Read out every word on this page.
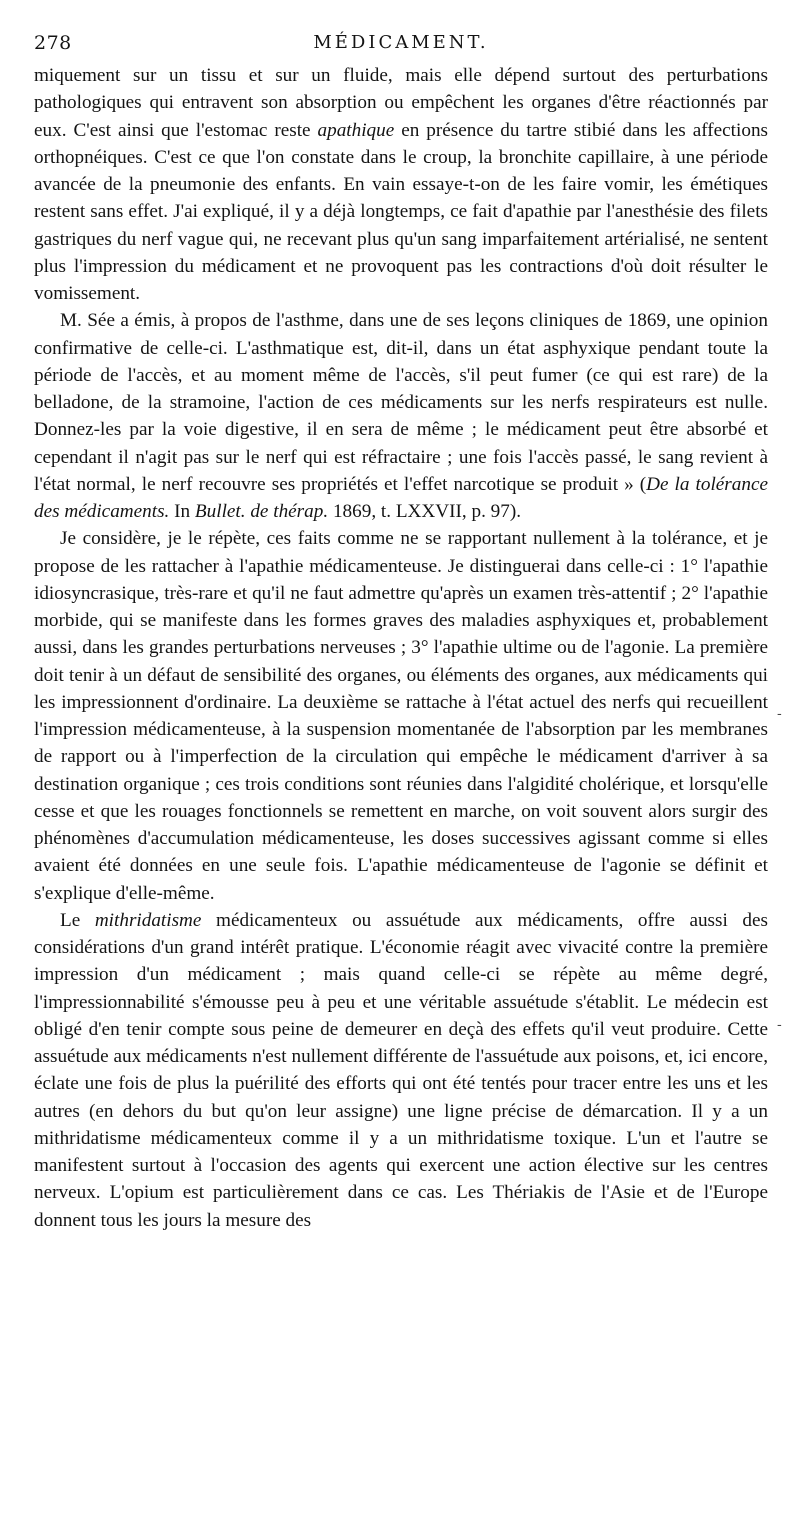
278	MÉDICAMENT.

miquement sur un tissu et sur un fluide, mais elle dépend surtout des perturbations pathologiques qui entravent son absorption ou empêchent les organes d'être réactionnés par eux. C'est ainsi que l'estomac reste apathique en présence du tartre stibié dans les affections orthopnéiques. C'est ce que l'on constate dans le croup, la bronchite capillaire, à une période avancée de la pneumonie des enfants. En vain essaye-t-on de les faire vomir, les émétiques restent sans effet. J'ai expliqué, il y a déjà longtemps, ce fait d'apathie par l'anesthésie des filets gastriques du nerf vague qui, ne recevant plus qu'un sang imparfaitement artérialisé, ne sentent plus l'impression du médicament et ne provoquent pas les contractions d'où doit résulter le vomissement.

M. Sée a émis, à propos de l'asthme, dans une de ses leçons cliniques de 1869, une opinion confirmative de celle-ci. L'asthmatique est, dit-il, dans un état asphyxique pendant toute la période de l'accès, et au moment même de l'accès, s'il peut fumer (ce qui est rare) de la belladone, de la stramoine, l'action de ces médicaments sur les nerfs respirateurs est nulle. Donnez-les par la voie digestive, il en sera de même ; le médicament peut être absorbé et cependant il n'agit pas sur le nerf qui est réfractaire ; une fois l'accès passé, le sang revient à l'état normal, le nerf recouvre ses propriétés et l'effet narcotique se produit » (De la tolérance des médicaments. In Bullet. de thérap. 1869, t. LXXVII, p. 97).

Je considère, je le répète, ces faits comme ne se rapportant nullement à la tolérance, et je propose de les rattacher à l'apathie médicamenteuse. Je distinguerai dans celle-ci : 1° l'apathie idiosyncrasique, très-rare et qu'il ne faut admettre qu'après un examen très-attentif ; 2° l'apathie morbide, qui se manifeste dans les formes graves des maladies asphyxiques et, probablement aussi, dans les grandes perturbations nerveuses ; 3° l'apathie ultime ou de l'agonie. La première doit tenir à un défaut de sensibilité des organes, ou éléments des organes, aux médicaments qui les impressionnent d'ordinaire. La deuxième se rattache à l'état actuel des nerfs qui recueillent l'impression médicamenteuse, à la suspension momentanée de l'absorption par les membranes de rapport ou à l'imperfection de la circulation qui empêche le médicament d'arriver à sa destination organique ; ces trois conditions sont réunies dans l'algidité cholérique, et lorsqu'elle cesse et que les rouages fonctionnels se remettent en marche, on voit souvent alors surgir des phénomènes d'accumulation médicamenteuse, les doses successives agissant comme si elles avaient été données en une seule fois. L'apathie médicamenteuse de l'agonie se définit et s'explique d'elle-même.

Le mithridatisme médicamenteux ou assuétude aux médicaments, offre aussi des considérations d'un grand intérêt pratique. L'économie réagit avec vivacité contre la première impression d'un médicament ; mais quand celle-ci se répète au même degré, l'impressionnabilité s'émousse peu à peu et une véritable assuétude s'établit. Le médecin est obligé d'en tenir compte sous peine de demeurer en deçà des effets qu'il veut produire. Cette assuétude aux médicaments n'est nullement différente de l'assuétude aux poisons, et, ici encore, éclate une fois de plus la puérilité des efforts qui ont été tentés pour tracer entre les uns et les autres (en dehors du but qu'on leur assigne) une ligne précise de démarcation. Il y a un mithridatisme médicamenteux comme il y a un mithridatisme toxique. L'un et l'autre se manifestent surtout à l'occasion des agents qui exercent une action élective sur les centres nerveux. L'opium est particulièrement dans ce cas. Les Thériakis de l'Asie et de l'Europe donnent tous les jours la mesure des

-
-
